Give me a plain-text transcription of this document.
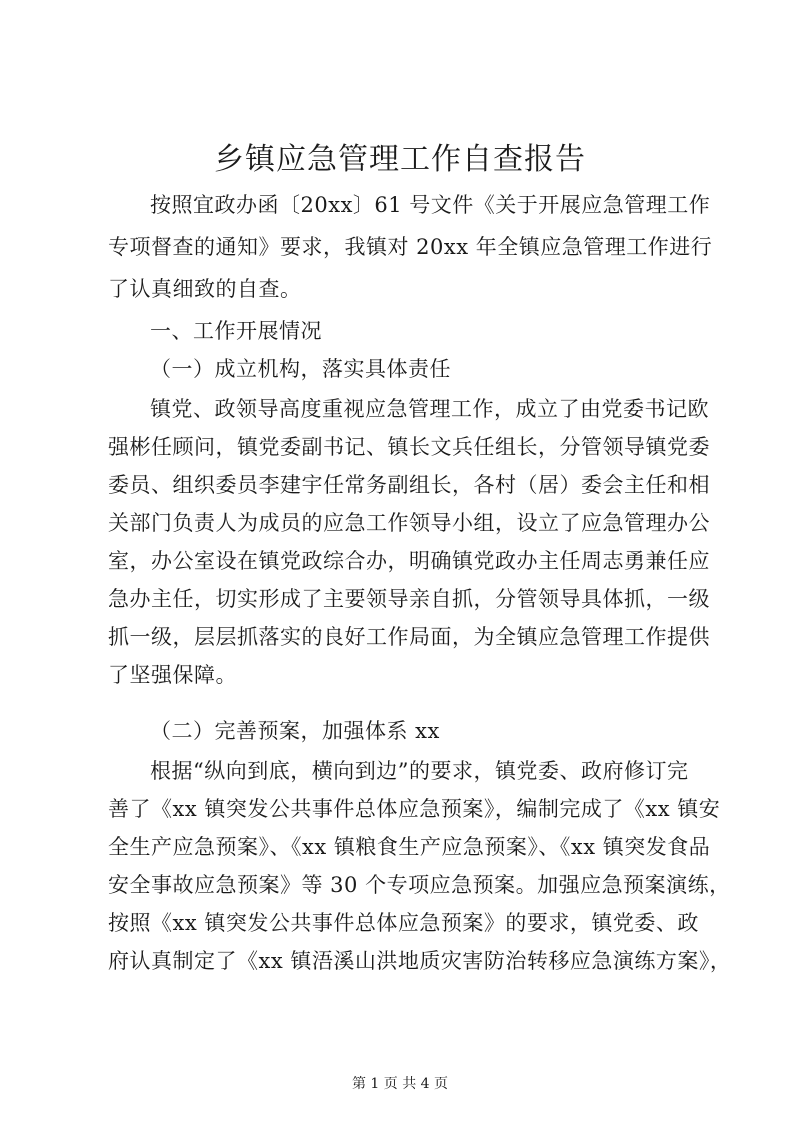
乡镇应急管理工作自查报告
按照宜政办函〔20xx〕61 号文件《关于开展应急管理工作
专项督查的通知》要求，我镇对 20xx 年全镇应急管理工作进行
了认真细致的自查。
一、工作开展情况
（一）成立机构，落实具体责任
镇党、政领导高度重视应急管理工作，成立了由党委书记欧
强彬任顾问，镇党委副书记、镇长文兵任组长，分管领导镇党委
委员、组织委员李建宇任常务副组长，各村（居）委会主任和相
关部门负责人为成员的应急工作领导小组，设立了应急管理办公
室，办公室设在镇党政综合办，明确镇党政办主任周志勇兼任应
急办主任，切实形成了主要领导亲自抓，分管领导具体抓，一级
抓一级，层层抓落实的良好工作局面，为全镇应急管理工作提供
了坚强保障。
（二）完善预案，加强体系 xx
根据“纵向到底，横向到边”的要求，镇党委、政府修订完
善了《xx 镇突发公共事件总体应急预案》，编制完成了《xx 镇安
全生产应急预案》、《xx 镇粮食生产应急预案》、《xx 镇突发食品
安全事故应急预案》等 30 个专项应急预案。加强应急预案演练，
按照《xx 镇突发公共事件总体应急预案》的要求，镇党委、政
府认真制定了《xx 镇浯溪山洪地质灾害防治转移应急演练方案》，
第 1 页 共 4 页
